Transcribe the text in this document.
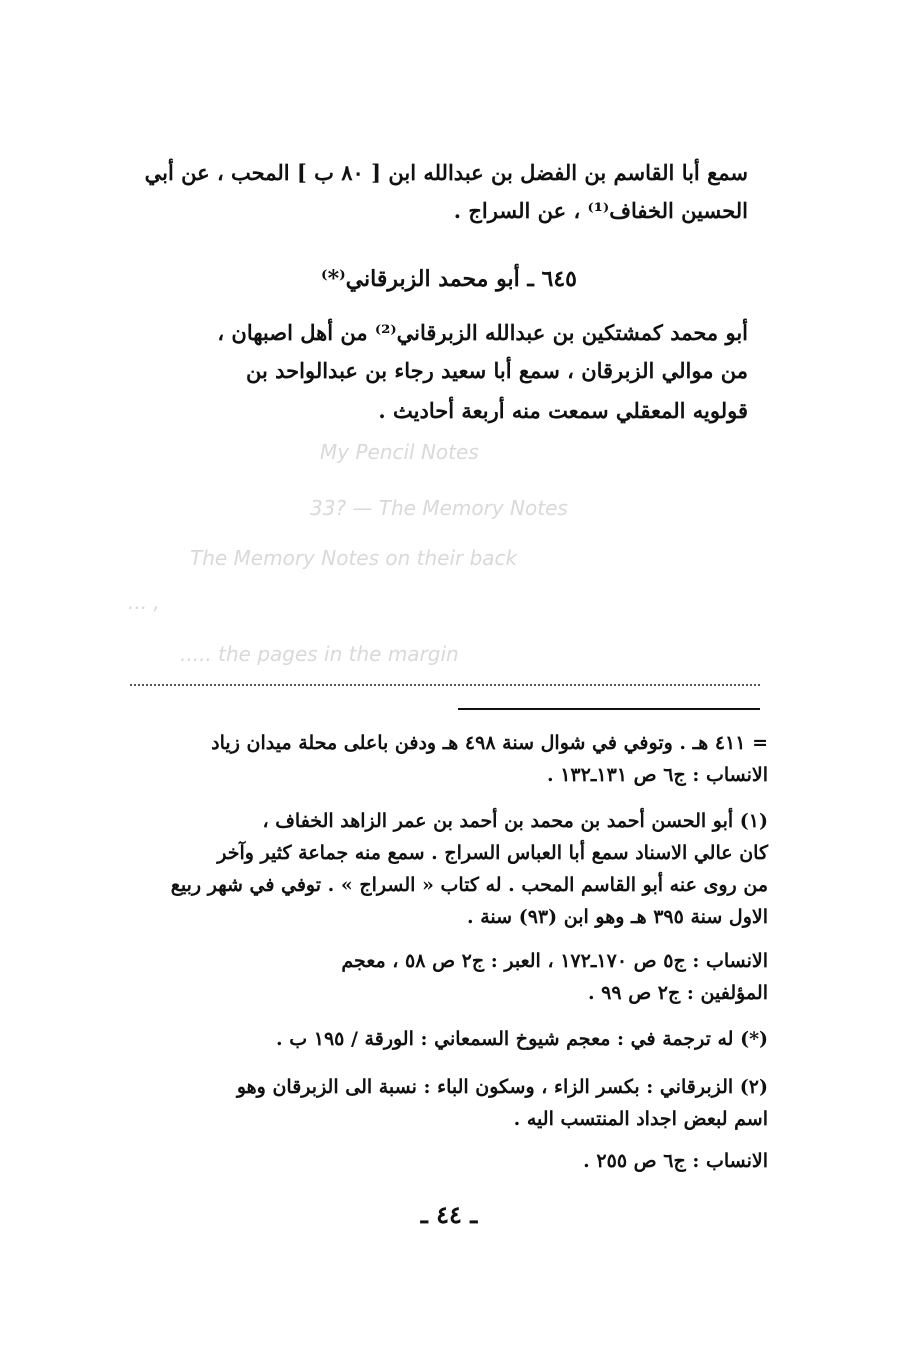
My Pencil Notes
33? — The Memory Notes
The Memory Notes on their back
... ,
..... the pages in the margin
سمع أبا القاسم بن الفضل بن عبدالله ابن [ ٨٠ ب ] المحب ، عن أبي
الحسين الخفاف⁽¹⁾ ، عن السراج .
٦٤٥ ـ أبو محمد الزبرقاني⁽*⁾
أبو محمد كمشتكين بن عبدالله الزبرقاني⁽²⁾ من أهل اصبهان ،
من موالي الزبرقان ، سمع أبا سعيد رجاء بن عبدالواحد بن
قولويه المعقلي سمعت منه أربعة أحاديث .
= ٤١١ هـ . وتوفي في شوال سنة ٤٩٨ هـ ودفن باعلى محلة ميدان زياد
الانساب : ج٦ ص ١٣١ـ١٣٢ .
(١) أبو الحسن أحمد بن محمد بن أحمد بن عمر الزاهد الخفاف ،
كان عالي الاسناد سمع أبا العباس السراج . سمع منه جماعة كثير وآخر
من روى عنه أبو القاسم المحب . له كتاب « السراج » . توفي في شهر ربيع
الاول سنة ٣٩٥ هـ وهو ابن (٩٣) سنة .
الانساب : ج٥ ص ١٧٠ـ١٧٢ ، العبر : ج٢ ص ٥٨ ، معجم
المؤلفين : ج٢ ص ٩٩ .
(*) له ترجمة في : معجم شيوخ السمعاني : الورقة / ١٩٥ ب .
(٢) الزبرقاني : بكسر الزاء ، وسكون الباء : نسبة الى الزبرقان وهو
اسم لبعض اجداد المنتسب اليه .
الانساب : ج٦ ص ٢٥٥ .
ـ ٤٤ ـ
